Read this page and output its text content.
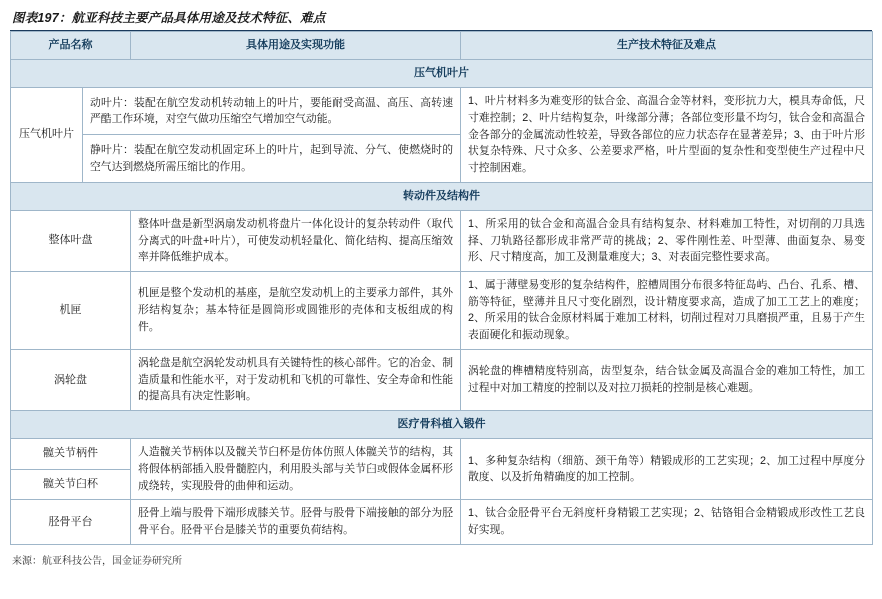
图表197：航亚科技主要产品具体用途及技术特征、难点
产品名称		具体用途及实现功能	生产技术特征及难点
压气机叶片			
压气机叶片	动叶片：装配在航空发动机转动轴上的叶片，要能耐受高温、高压、高转速严酷工作环境，对空气做功压缩空气增加空气动能。		1、叶片材料多为难变形的钛合金、高温合金等材料，变形抗力大，模具寿命低，尺寸难控制；2、叶片结构复杂，叶缘部分薄；各部位变形量不均匀，钛合金和高温合金各部分的金属流动性较差，导致各部位的应力状态存在显著差异；3、由于叶片形状复杂特殊、尺寸众多、公差要求严格，叶片型面的复杂性和变型使生产过程中尺寸控制困难。
	静叶片：装配在航空发动机固定环上的叶片，起到导流、分气、使燃烧时的空气达到燃烧所需压缩比的作用。		
转动件及结构件			
整体叶盘		整体叶盘是新型涡扇发动机将盘片一体化设计的复杂转动件（取代分离式的叶盘+叶片），可使发动机轻量化、简化结构、提高压缩效率并降低维护成本。	1、所采用的钛合金和高温合金具有结构复杂、材料难加工特性，对切削的刀具选择、刀轨路径都形成非常严苛的挑战；2、零件刚性差、叶型薄、曲面复杂、易变形、尺寸精度高，加工及测量难度大；3、对表面完整性要求高。
机匣		机匣是整个发动机的基座，是航空发动机上的主要承力部件，其外形结构复杂；基本特征是圆筒形或圆锥形的壳体和支板组成的构件。	1、属于薄壁易变形的复杂结构件，腔槽周围分布很多特征岛屿、凸台、孔系、槽、筋等特征，壁薄并且尺寸变化剧烈，设计精度要求高，造成了加工工艺上的难度；2、所采用的钛合金原材料属于难加工材料，切削过程对刀具磨损严重，且易于产生表面硬化和振动现象。
涡轮盘		涡轮盘是航空涡轮发动机具有关键特性的核心部件。它的冶金、制造质量和性能水平，对于发动机和飞机的可靠性、安全寿命和性能的提高具有决定性影响。	涡轮盘的榫槽精度特别高，齿型复杂，结合钛金属及高温合金的难加工特性，加工过程中对加工精度的控制以及对拉刀损耗的控制是核心难题。
医疗骨科植入锻件			
髋关节柄件		人造髋关节柄体以及髋关节臼杯是仿体仿照人体髋关节的结构，其将假体柄部插入股骨髓腔内，利用股头部与关节臼或假体金属杯形成绕转，实现股骨的曲伸和运动。	1、多种复杂结构（细筋、颈干角等）精锻成形的工艺实现；2、加工过程中厚度分散度、以及折角精确度的加工控制。
髋关节臼杯			
胫骨平台		胫骨上端与股骨下端形成膝关节。胫骨与股骨下端接触的部分为胫骨平台。胫骨平台是膝关节的重要负荷结构。	1、钛合金胫骨平台无斜度杆身精锻工艺实现；2、钴铬钼合金精锻成形改性工艺良好实现。
来源：航亚科技公告，国金证券研究所
